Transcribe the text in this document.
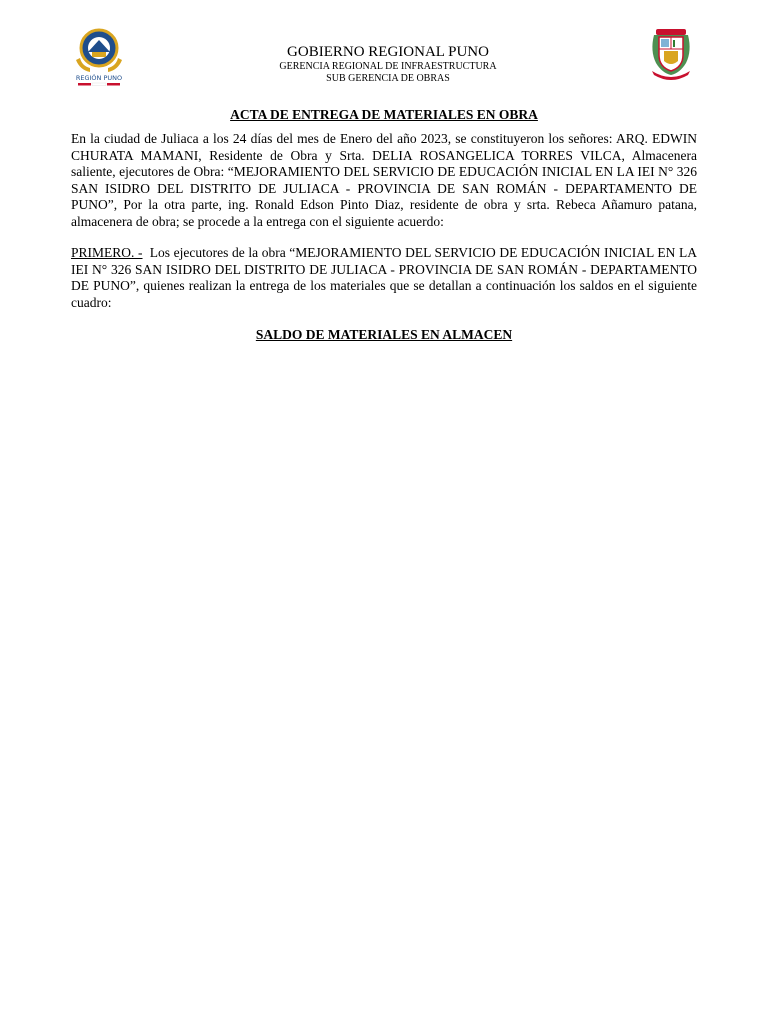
REGIÓN PUNO
GOBIERNO REGIONAL PUNO
GERENCIA REGIONAL DE INFRAESTRUCTURA
SUB GERENCIA DE OBRAS
ACTA DE ENTREGA DE MATERIALES EN OBRA

En la ciudad de Juliaca a los 24 días del mes de Enero del año 2023, se constituyeron los señores: ARQ. EDWIN CHURATA MAMANI, Residente de Obra y Srta. DELIA ROSANGELICA TORRES VILCA, Almacenera saliente, ejecutores de Obra: “MEJORAMIENTO DEL SERVICIO DE EDUCACIÓN INICIAL EN LA IEI N° 326 SAN ISIDRO DEL DISTRITO DE JULIACA - PROVINCIA DE SAN ROMÁN - DEPARTAMENTO DE PUNO”, Por la otra parte, ing. Ronald Edson Pinto Diaz, residente de obra y srta. Rebeca Añamuro patana, almacenera de obra; se procede a la entrega con el siguiente acuerdo:

PRIMERO. - Los ejecutores de la obra “MEJORAMIENTO DEL SERVICIO DE EDUCACIÓN INICIAL EN LA IEI N° 326 SAN ISIDRO DEL DISTRITO DE JULIACA - PROVINCIA DE SAN ROMÁN - DEPARTAMENTO DE PUNO”, quienes realizan la entrega de los materiales que se detallan a continuación los saldos en el siguiente cuadro:

SALDO DE MATERIALES EN ALMACEN
